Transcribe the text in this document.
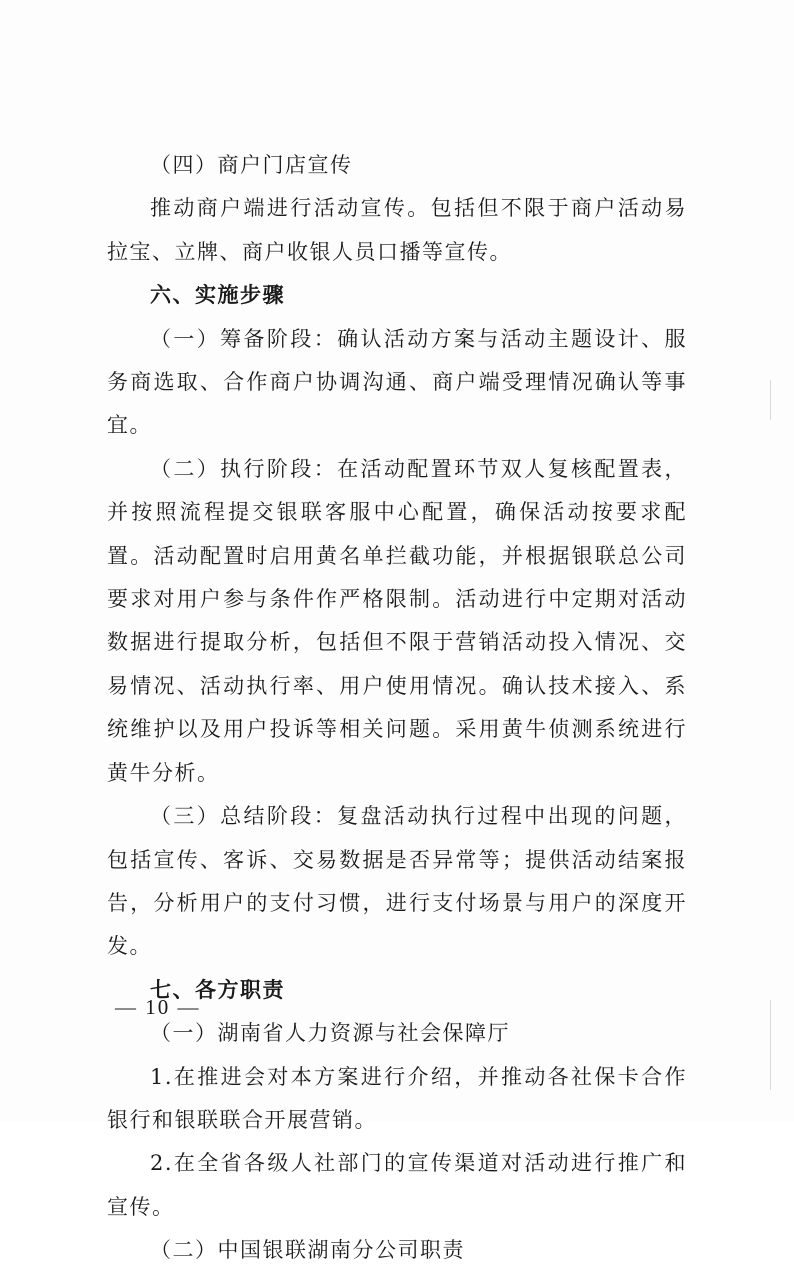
（四）商户门店宣传

推动商户端进行活动宣传。包括但不限于商户活动易拉宝、立牌、商户收银人员口播等宣传。

六、实施步骤

（一）筹备阶段：确认活动方案与活动主题设计、服务商选取、合作商户协调沟通、商户端受理情况确认等事宜。

（二）执行阶段：在活动配置环节双人复核配置表，并按照流程提交银联客服中心配置，确保活动按要求配置。活动配置时启用黄名单拦截功能，并根据银联总公司要求对用户参与条件作严格限制。活动进行中定期对活动数据进行提取分析，包括但不限于营销活动投入情况、交易情况、活动执行率、用户使用情况。确认技术接入、系统维护以及用户投诉等相关问题。采用黄牛侦测系统进行黄牛分析。

（三）总结阶段：复盘活动执行过程中出现的问题，包括宣传、客诉、交易数据是否异常等；提供活动结案报告，分析用户的支付习惯，进行支付场景与用户的深度开发。

七、各方职责

（一）湖南省人力资源与社会保障厅

1.在推进会对本方案进行介绍，并推动各社保卡合作银行和银联联合开展营销。

2.在全省各级人社部门的宣传渠道对活动进行推广和宣传。

（二）中国银联湖南分公司职责

— 10 —
